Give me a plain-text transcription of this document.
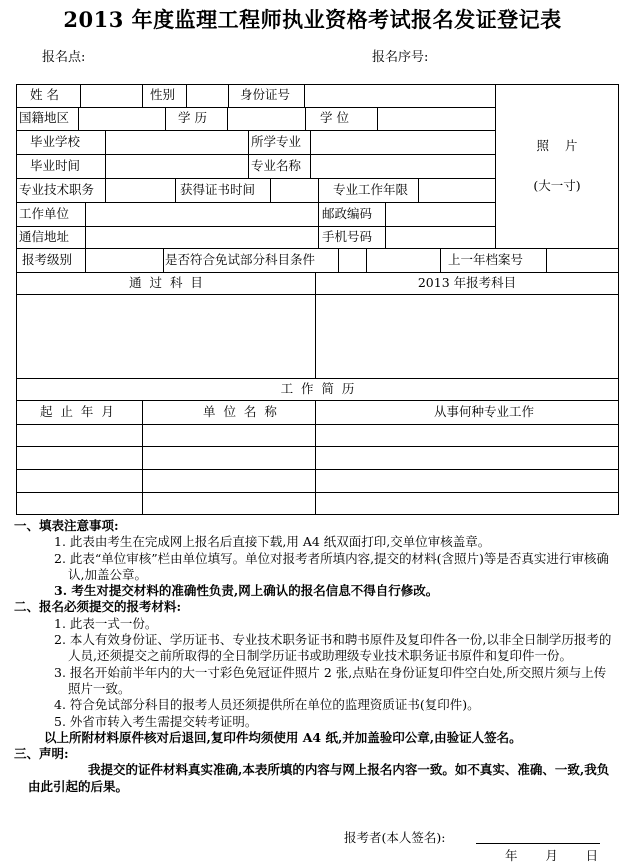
2013 年度监理工程师执业资格考试报名发证登记表
报名点:	报名序号:
姓 名	性别	身份证号
国籍地区	学 历	学 位
毕业学校	所学专业
毕业时间	专业名称
专业技术职务	获得证书时间	专业工作年限
工作单位	邮政编码
通信地址	手机号码
报考级别	是否符合免试部分科目条件	上一年档案号
照    片
(大一寸)
通  过  科  目	2013 年报考科目
工  作  简  历
起  止  年  月	单  位  名  称	从事何种专业工作
一、填表注意事项:
1. 此表由考生在完成网上报名后直接下载,用 A4 纸双面打印,交单位审核盖章。
2. 此表“单位审核”栏由单位填写。单位对报考者所填内容,提交的材料(含照片)等是否真实进行审核确认,加盖公章。
3. 考生对提交材料的准确性负责,网上确认的报名信息不得自行修改。
二、报名必须提交的报考材料:
1. 此表一式一份。
2. 本人有效身份证、学历证书、专业技术职务证书和聘书原件及复印件各一份,以非全日制学历报考的人员,还须提交之前所取得的全日制学历证书或助理级专业技术职务证书原件和复印件一份。
3. 报名开始前半年内的大一寸彩色免冠证件照片 2 张,点贴在身份证复印件空白处,所交照片须与上传照片一致。
4. 符合免试部分科目的报考人员还须提供所在单位的监理资质证书(复印件)。
5. 外省市转入考生需提交转考证明。
以上所附材料原件核对后退回,复印件均须使用 A4 纸,并加盖验印公章,由验证人签名。
三、声明:
我提交的证件材料真实准确,本表所填的内容与网上报名内容一致。如不真实、准确、一致,我负由此引起的后果。
报考者(本人签名):
年       月       日
